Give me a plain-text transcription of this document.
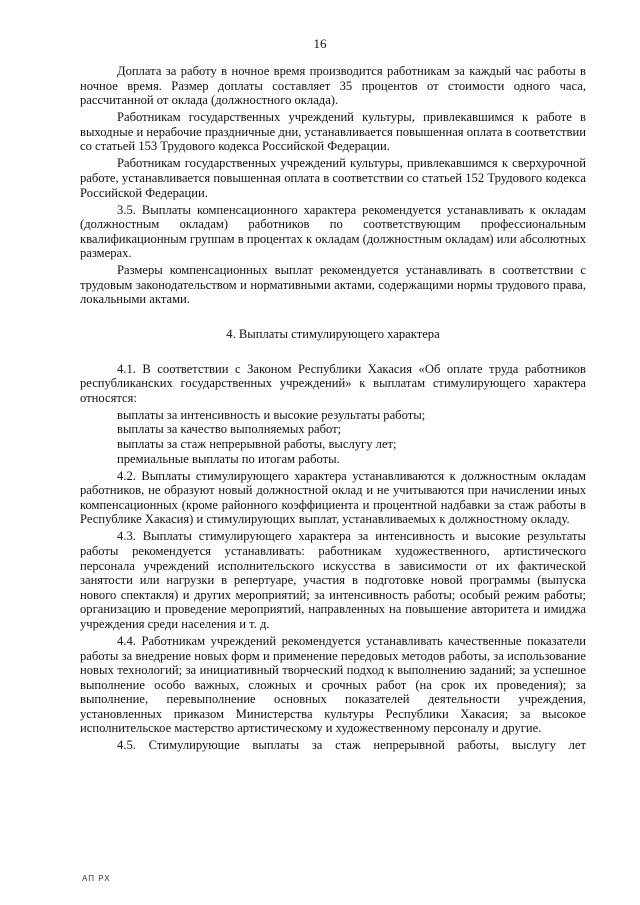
16

Доплата за работу в ночное время производится работникам за каждый час работы в ночное время. Размер доплаты составляет 35 процентов от стоимости одного часа, рассчитанной от оклада (должностного оклада).

Работникам государственных учреждений культуры, привлекавшимся к работе в выходные и нерабочие праздничные дни, устанавливается повышенная оплата в соответствии со статьей 153 Трудового кодекса Российской Федерации.

Работникам государственных учреждений культуры, привлекавшимся к сверхурочной работе, устанавливается повышенная оплата в соответствии со статьей 152 Трудового кодекса Российской Федерации.

3.5. Выплаты компенсационного характера рекомендуется устанавливать к окладам (должностным окладам) работников по соответствующим профессиональным квалификационным группам в процентах к окладам (должностным окладам) или абсолютных размерах.

Размеры компенсационных выплат рекомендуется устанавливать в соответствии с трудовым законодательством и нормативными актами, содержащими нормы трудового права, локальными актами.

4. Выплаты стимулирующего характера

4.1. В соответствии с Законом Республики Хакасия «Об оплате труда работников республиканских государственных учреждений» к выплатам стимулирующего характера относятся:

выплаты за интенсивность и высокие результаты работы;
выплаты за качество выполняемых работ;
выплаты за стаж непрерывной работы, выслугу лет;
премиальные выплаты по итогам работы.

4.2. Выплаты стимулирующего характера устанавливаются к должностным окладам работников, не образуют новый должностной оклад и не учитываются при начислении иных компенсационных (кроме районного коэффициента и процентной надбавки за стаж работы в Республике Хакасия) и стимулирующих выплат, устанавливаемых к должностному окладу.

4.3. Выплаты стимулирующего характера за интенсивность и высокие результаты работы рекомендуется устанавливать: работникам художественного, артистического персонала учреждений исполнительского искусства в зависимости от их фактической занятости или нагрузки в репертуаре, участия в подготовке новой программы (выпуска нового спектакля) и других мероприятий; за интенсивность работы; особый режим работы; организацию и проведение мероприятий, направленных на повышение авторитета и имиджа учреждения среди населения и т. д.

4.4. Работникам учреждений рекомендуется устанавливать качественные показатели работы за внедрение новых форм и применение передовых методов работы, за использование новых технологий; за инициативный творческий подход к выполнению заданий; за успешное выполнение особо важных, сложных и срочных работ (на срок их проведения); за выполнение, перевыполнение основных показателей деятельности учреждения, установленных приказом Министерства культуры Республики Хакасия; за высокое исполнительское мастерство артистическому и художественному персоналу и другие.

4.5. Стимулирующие выплаты за стаж непрерывной работы, выслугу лет

АП РХ
